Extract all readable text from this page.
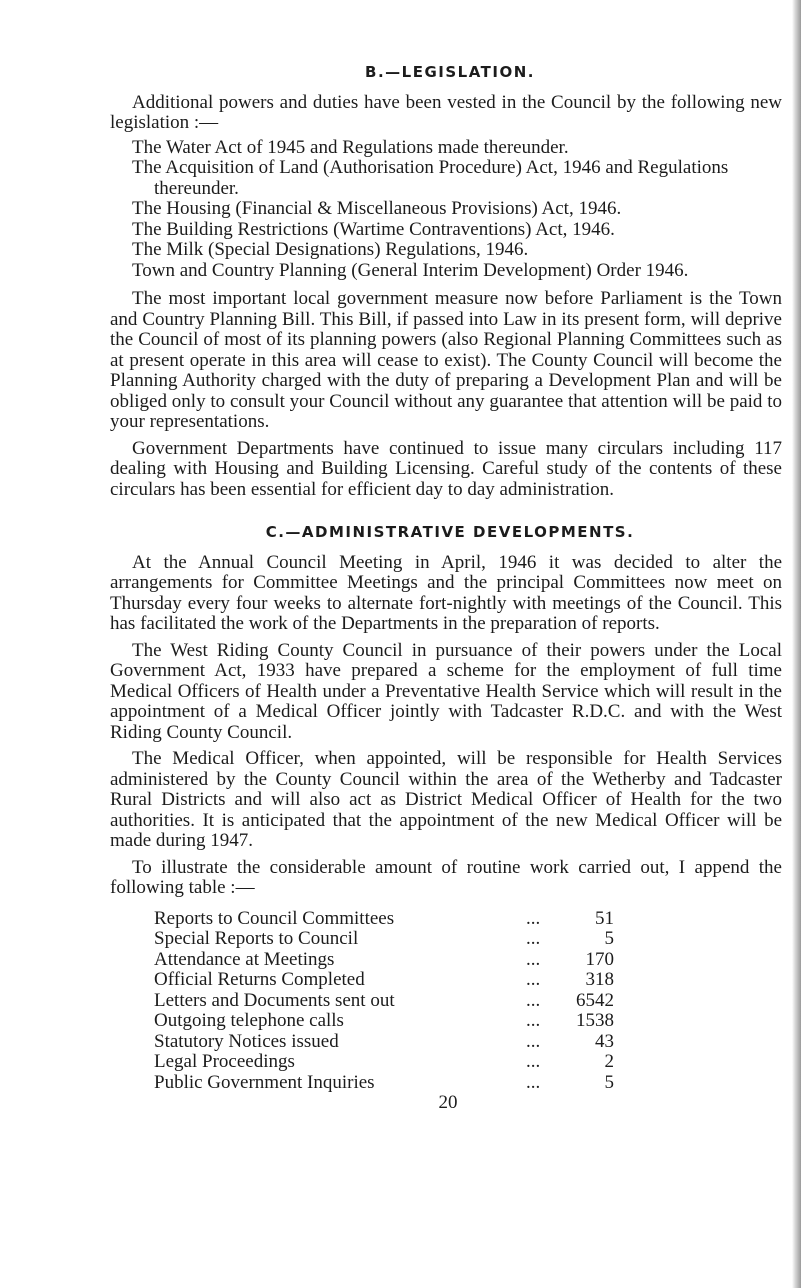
B.—LEGISLATION.

Additional powers and duties have been vested in the Council by the following new legislation :—

The Water Act of 1945 and Regulations made thereunder.
The Acquisition of Land (Authorisation Procedure) Act, 1946 and Regulations thereunder.
The Housing (Financial & Miscellaneous Provisions) Act, 1946.
The Building Restrictions (Wartime Contraventions) Act, 1946.
The Milk (Special Designations) Regulations, 1946.
Town and Country Planning (General Interim Development) Order 1946.

The most important local government measure now before Parliament is the Town and Country Planning Bill. This Bill, if passed into Law in its present form, will deprive the Council of most of its planning powers (also Regional Planning Committees such as at present operate in this area will cease to exist). The County Council will become the Planning Authority charged with the duty of preparing a Development Plan and will be obliged only to consult your Council without any guarantee that attention will be paid to your representations.

Government Departments have continued to issue many circulars including 117 dealing with Housing and Building Licensing. Careful study of the contents of these circulars has been essential for efficient day to day administration.

C.—ADMINISTRATIVE DEVELOPMENTS.

At the Annual Council Meeting in April, 1946 it was decided to alter the arrangements for Committee Meetings and the principal Committees now meet on Thursday every four weeks to alternate fort-nightly with meetings of the Council. This has facilitated the work of the Departments in the preparation of reports.

The West Riding County Council in pursuance of their powers under the Local Government Act, 1933 have prepared a scheme for the employment of full time Medical Officers of Health under a Preventative Health Service which will result in the appointment of a Medical Officer jointly with Tadcaster R.D.C. and with the West Riding County Council.

The Medical Officer, when appointed, will be responsible for Health Services administered by the County Council within the area of the Wetherby and Tadcaster Rural Districts and will also act as District Medical Officer of Health for the two authorities. It is anticipated that the appointment of the new Medical Officer will be made during 1947.

To illustrate the considerable amount of routine work carried out, I append the following table :—

Reports to Council Committees	...	51
Special Reports to Council	...	5
Attendance at Meetings	...	170
Official Returns Completed	...	318
Letters and Documents sent out	...	6542
Outgoing telephone calls	...	1538
Statutory Notices issued	...	43
Legal Proceedings	...	2
Public Government Inquiries	...	5
20
